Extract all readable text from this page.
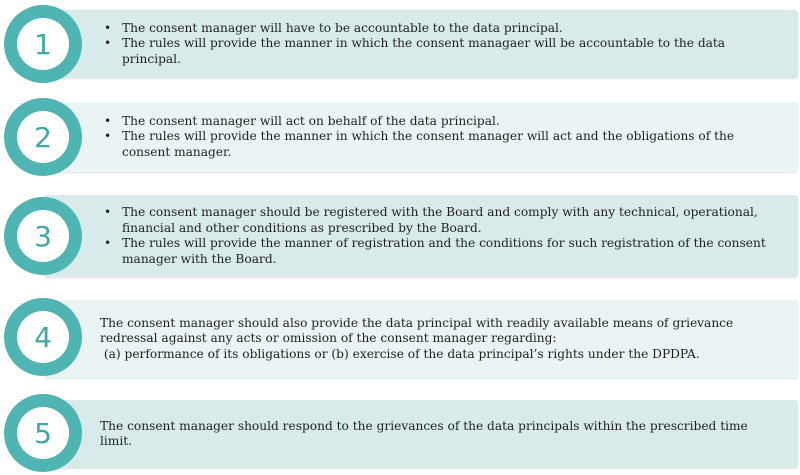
1	• The consent manager will have to be accountable to the data principal.
• The rules will provide the manner in which the consent managaer will be accountable to the data principal.
2	• The consent manager will act on behalf of the data principal.
• The rules will provide the manner in which the consent manager will act and the obligations of the consent manager.
3
• The consent manager should be registered with the Board and comply with any technical, operational, financial and other conditions as prescribed by the Board.
• The rules will provide the manner of registration and the conditions for such registration of the consent manager with the Board.
4	The consent manager should also provide the data principal with readily available means of grievance redressal against any acts or omission of the consent manager regarding:

(a) performance of its obligations or (b) exercise of the data principal’s rights under the DPDPA.

5	The consent manager should respond to the grievances of the data principals within the prescribed time limit.
